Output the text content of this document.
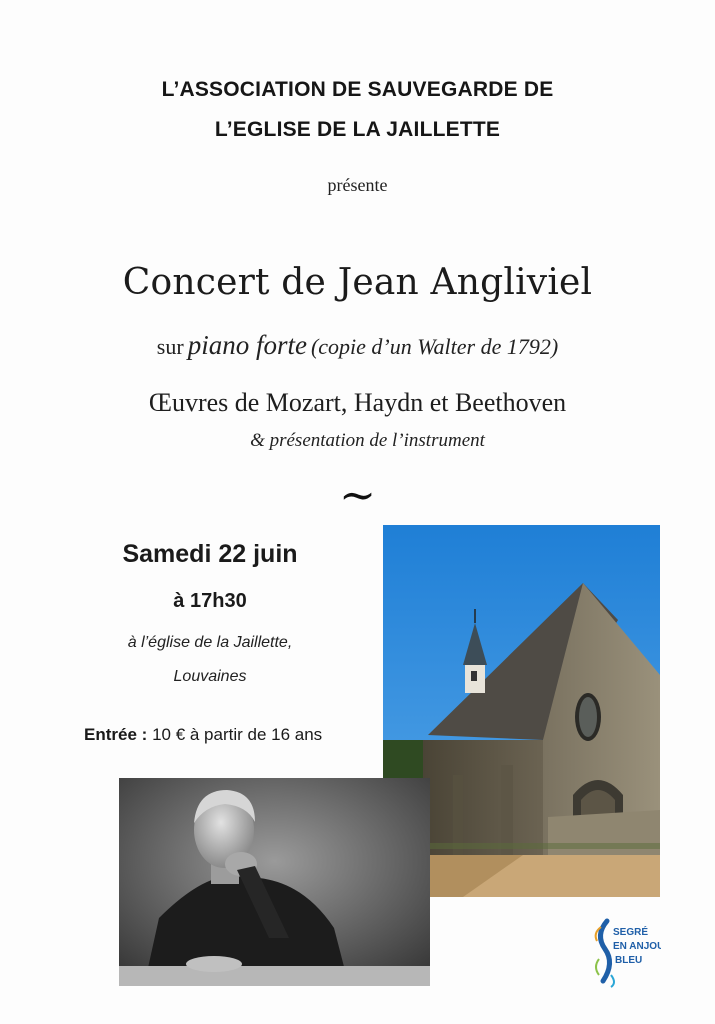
L’ASSOCIATION DE SAUVEGARDE DE
L’EGLISE DE LA JAILLETTE
présente
Concert de Jean Angliviel
sur piano forte (copie d’un Walter de 1792)
Œuvres de Mozart, Haydn et Beethoven
& présentation de l’instrument
~
Samedi 22 juin
à 17h30
à l’église de la Jaillette,
Louvaines
Entrée : 10 € à partir de 16 ans
SEGRÉ
EN ANJOU
BLEU
